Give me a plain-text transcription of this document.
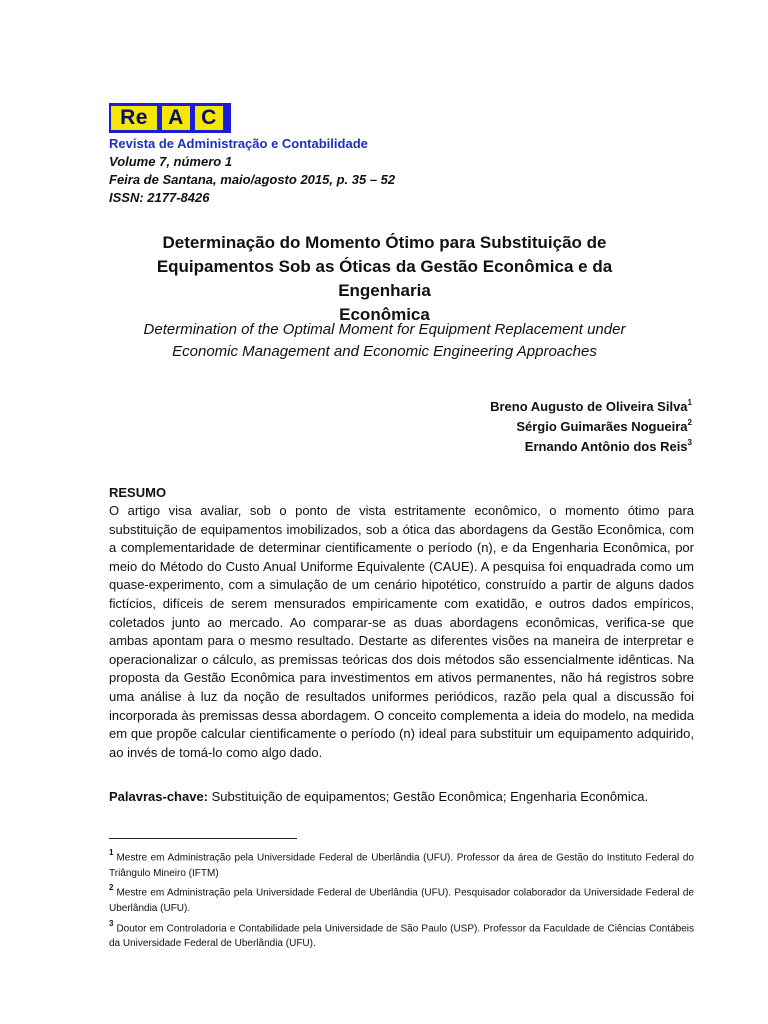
Re A C
Revista de Administração e Contabilidade
Volume 7, número 1
Feira de Santana, maio/agosto 2015, p. 35 – 52
ISSN: 2177-8426
Determinação do Momento Ótimo para Substituição de
Equipamentos Sob as Óticas da Gestão Econômica e da Engenharia
Econômica
Determination of the Optimal Moment for Equipment Replacement under
Economic Management and Economic Engineering Approaches
Breno Augusto de Oliveira Silva$^1$
Sérgio Guimarães Nogueira$^2$
Ernando Antônio dos Reis$^3$
RESUMO

O artigo visa avaliar, sob o ponto de vista estritamente econômico, o momento ótimo para substituição de equipamentos imobilizados, sob a ótica das abordagens da Gestão Econômica, com a complementaridade de determinar cientificamente o período (n), e da Engenharia Econômica, por meio do Método do Custo Anual Uniforme Equivalente (CAUE). A pesquisa foi enquadrada como um quase-experimento, com a simulação de um cenário hipotético, construído a partir de alguns dados fictícios, difíceis de serem mensurados empiricamente com exatidão, e outros dados empíricos, coletados junto ao mercado. Ao comparar-se as duas abordagens econômicas, verifica-se que ambas apontam para o mesmo resultado. Destarte as diferentes visões na maneira de interpretar e operacionalizar o cálculo, as premissas teóricas dos dois métodos são essencialmente idênticas. Na proposta da Gestão Econômica para investimentos em ativos permanentes, não há registros sobre uma análise à luz da noção de resultados uniformes periódicos, razão pela qual a discussão foi incorporada às premissas dessa abordagem. O conceito complementa a ideia do modelo, na medida em que propõe calcular cientificamente o período (n) ideal para substituir um equipamento adquirido, ao invés de tomá-lo como algo dado.

Palavras-chave: Substituição de equipamentos; Gestão Econômica; Engenharia Econômica.

$^1$ Mestre em Administração pela Universidade Federal de Uberlândia (UFU). Professor da área de Gestão do Instituto Federal do Triângulo Mineiro (IFTM)

$^2$ Mestre em Administração pela Universidade Federal de Uberlândia (UFU). Pesquisador colaborador da Universidade Federal de Uberlândia (UFU).

$^3$ Doutor em Controladoria e Contabilidade pela Universidade de São Paulo (USP). Professor da Faculdade de Ciências Contábeis da Universidade Federal de Uberlândia (UFU).
